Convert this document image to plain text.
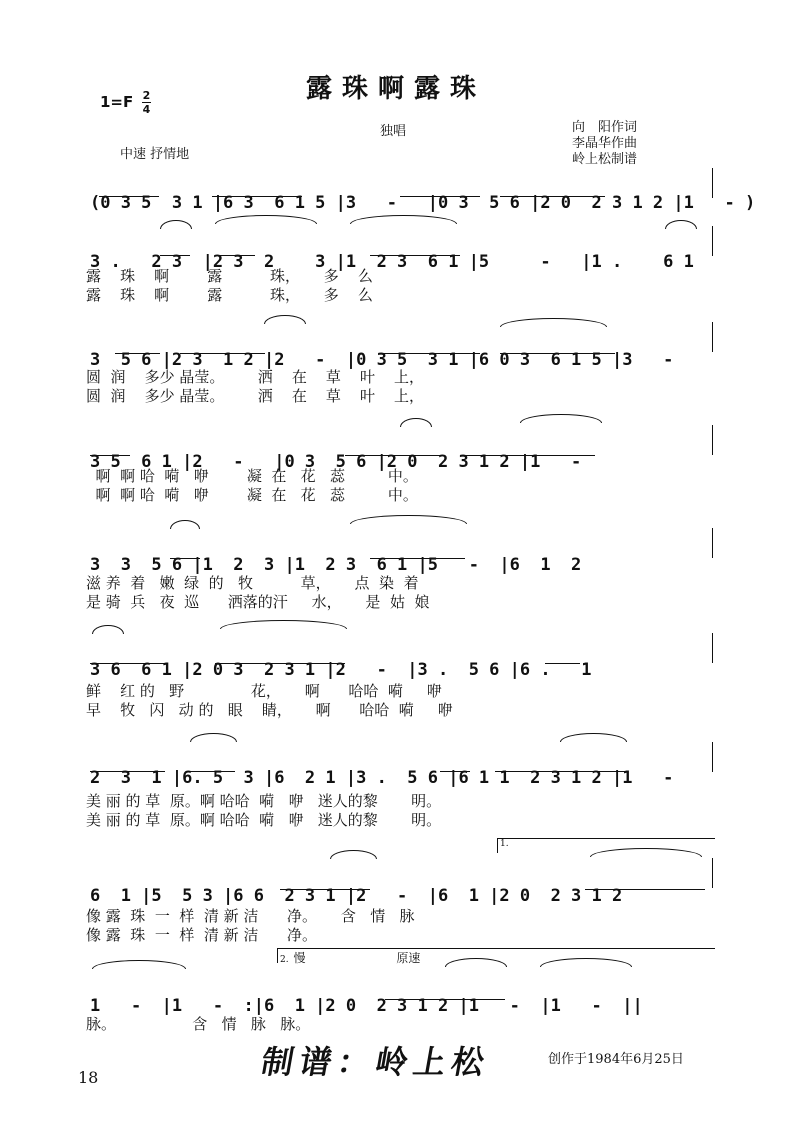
露珠啊露珠
1=F 2
4
独唱
中速 抒情地
向　阳作词
李晶华作曲
岭上松制谱

(0 3 5  3 1 |6 3  6 1 5 |3   -   |0 3  5 6 |2 0  2 3 1 2 |1   - )

3 .   2 3  |2 3  2    3 |1  2 3  6 1 |5     -   |1 .    6 1

露    珠    啊        露          珠，     多    么
露    珠    啊        露          珠，     多    么

3  5 6 |2 3  1 2 |2   -  |0 3 5  3 1 |6 0 3  6 1 5 |3   -

圆  润    多少 晶莹。       洒    在    草    叶    上，
圆  润    多少 晶莹。       洒    在    草    叶    上，

3 5  6 1 |2   -   |0 3  5 6 |2 0  2 3 1 2 |1   -

啊  啊 哈  嗬   咿        凝  在   花   蕊         中。
啊  啊 哈  嗬   咿        凝  在   花   蕊         中。

3  3  5 6 |1  2  3 |1  2 3  6 1 |5   -  |6  1  2

滋 养  着   嫩  绿  的   牧          草，     点  染  着
是 骑  兵   夜  巡      洒落的汗     水，     是  姑  娘

3 6  6 1 |2 0 3  2 3 1 |2   -  |3 .  5 6 |6 .   1

鲜    红 的   野              花，     啊      哈哈  嗬     咿
早    牧   闪   动 的   眼    睛，     啊      哈哈  嗬     咿

2  3  1 |6. 5  3 |6  2 1 |3 .  5 6 |6 1 1  2 3 1 2 |1   -

美 丽 的 草  原。啊 哈哈  嗬   咿   迷人的黎       明。
美 丽 的 草  原。啊 哈哈  嗬   咿   迷人的黎       明。
1.

6  1 |5  5 3 |6 6  2 3 1 |2   -  |6  1 |2 0  2 3 1 2

像 露  珠  一  样  清 新 洁      净。     含   情   脉
像 露  珠  一  样  清 新 洁      净。
2. 慢	原速

1   -  |1   -  :|6  1 |2 0  2 3 1 2 |1   -  |1   -  ||

脉。                含   情   脉   脉。
制谱：岭上松	创作于1984年6月25日
18
